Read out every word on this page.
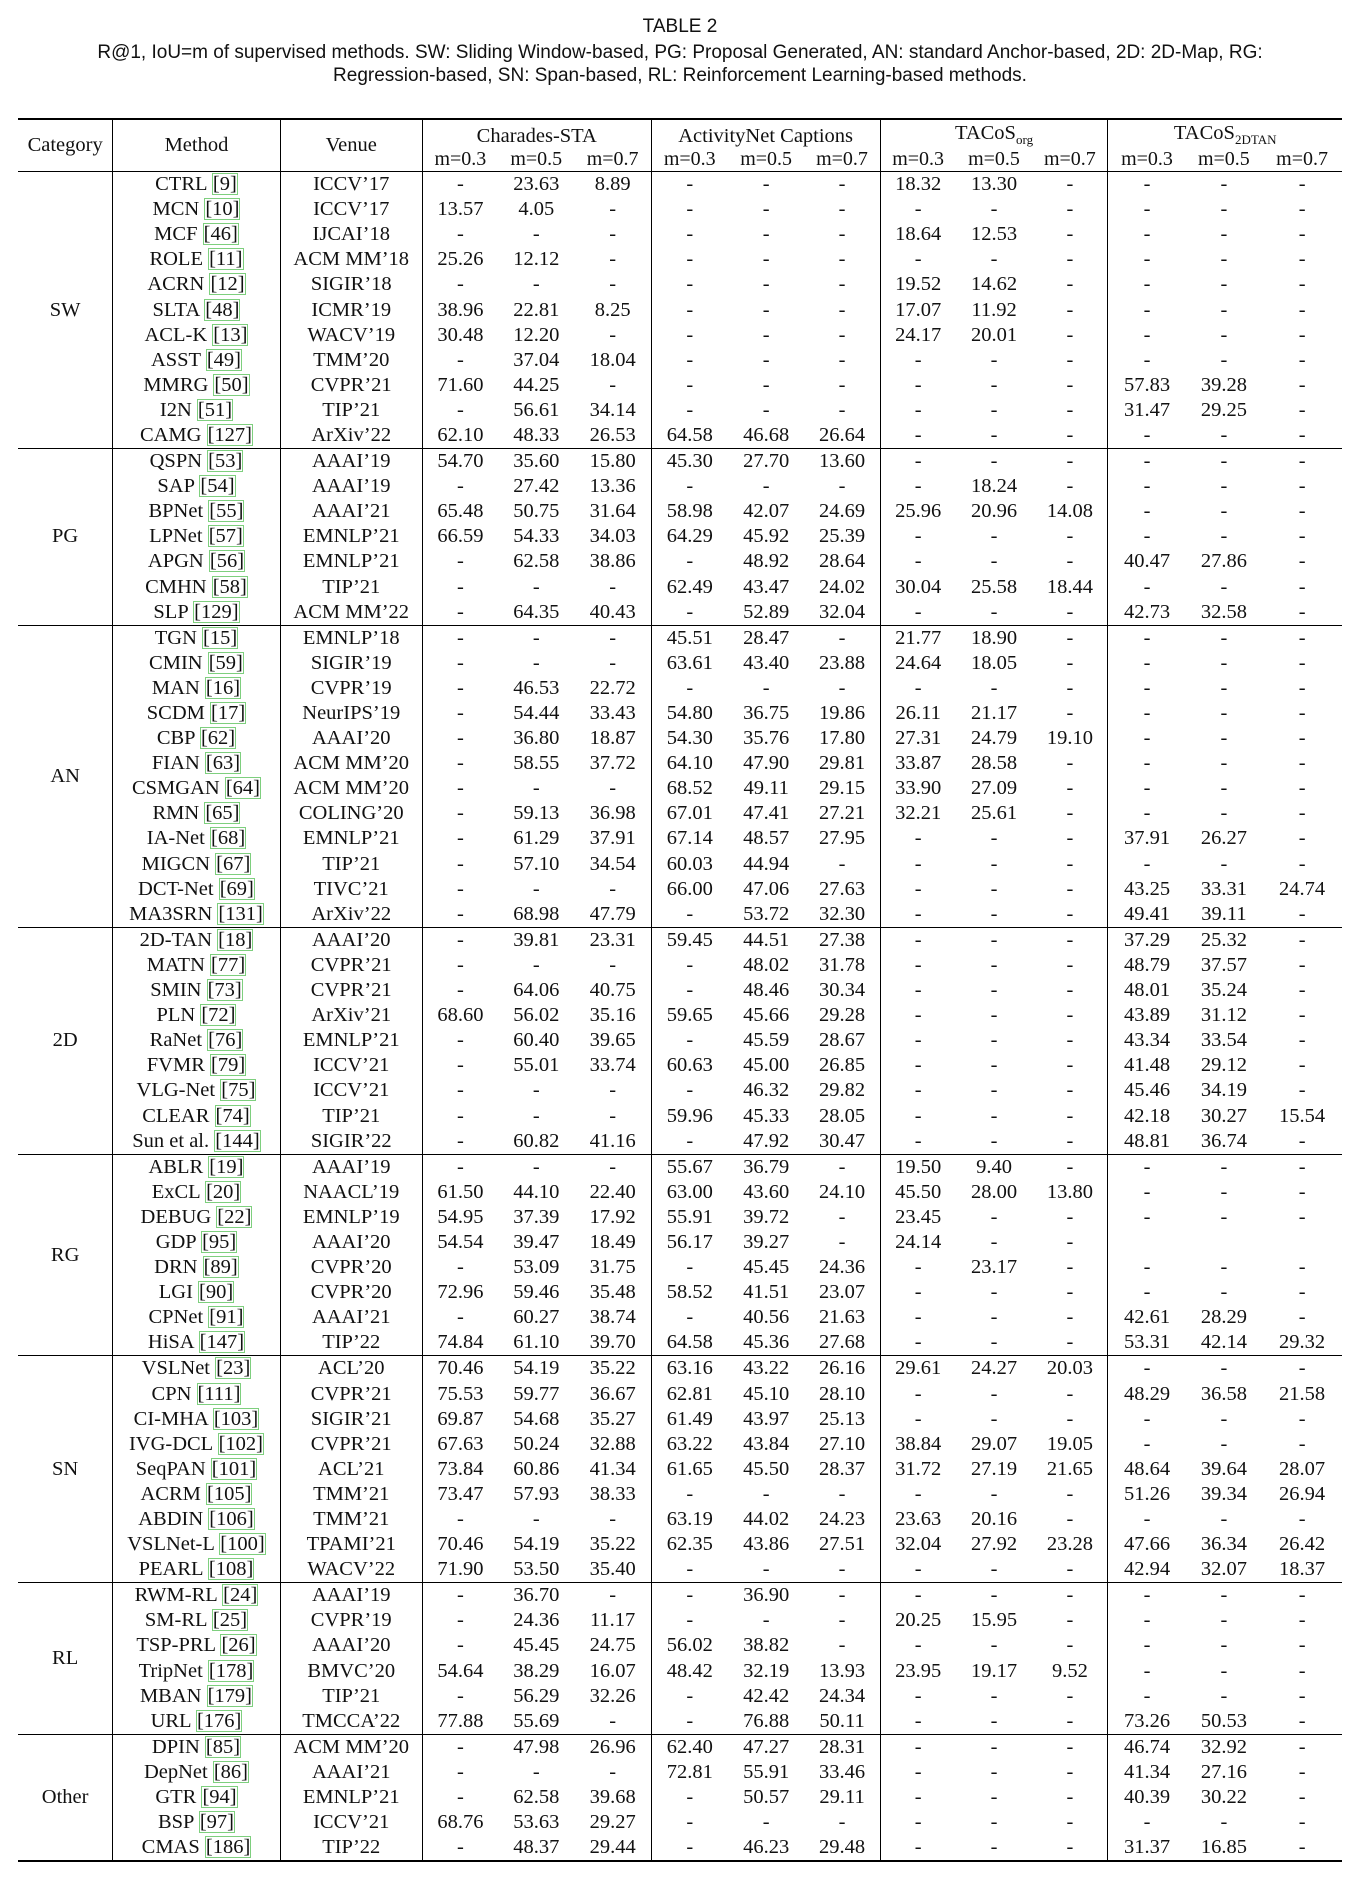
TABLE 2
R@1, IoU=m of supervised methods. SW: Sliding Window-based, PG: Proposal Generated, AN: standard Anchor-based, 2D: 2D-Map, RG:
Regression-based, SN: Span-based, RL: Reinforcement Learning-based methods.
Category	Method	Venue	Charades-STA			ActivityNet Captions			TACoS$_{org}$			TACoS$_{2DTAN}$
			m=0.3	m=0.5	m=0.7	m=0.3	m=0.5	m=0.7	m=0.3	m=0.5	m=0.7	m=0.3	m=0.5	m=0.7
SW	CTRL [9]	ICCV’17	-	23.63	8.89	-	-	-	18.32	13.30	-	-	-	-
	MCN [10]	ICCV’17	13.57	4.05	-	-	-	-	-	-	-	-	-	-
	MCF [46]	IJCAI’18	-	-	-	-	-	-	18.64	12.53	-	-	-	-
	ROLE [11]	ACM MM’18	25.26	12.12	-	-	-	-	-	-	-	-	-	-
	ACRN [12]	SIGIR’18	-	-	-	-	-	-	19.52	14.62	-	-	-	-
	SLTA [48]	ICMR’19	38.96	22.81	8.25	-	-	-	17.07	11.92	-	-	-	-
	ACL-K [13]	WACV’19	30.48	12.20	-	-	-	-	24.17	20.01	-	-	-	-
	ASST [49]	TMM’20	-	37.04	18.04	-	-	-	-	-	-	-	-	-
	MMRG [50]	CVPR’21	71.60	44.25	-	-	-	-	-	-	-	57.83	39.28	-
	I2N [51]	TIP’21	-	56.61	34.14	-	-	-	-	-	-	31.47	29.25	-
	CAMG [127]	ArXiv’22	62.10	48.33	26.53	64.58	46.68	26.64	-	-	-	-	-	-
PG	QSPN [53]	AAAI’19	54.70	35.60	15.80	45.30	27.70	13.60	-	-	-	-	-	-
	SAP [54]	AAAI’19	-	27.42	13.36	-	-	-	-	18.24	-	-	-	-
	BPNet [55]	AAAI’21	65.48	50.75	31.64	58.98	42.07	24.69	25.96	20.96	14.08	-	-	-
	LPNet [57]	EMNLP’21	66.59	54.33	34.03	64.29	45.92	25.39	-	-	-	-	-	-
	APGN [56]	EMNLP’21	-	62.58	38.86	-	48.92	28.64	-	-	-	40.47	27.86	-
	CMHN [58]	TIP’21	-	-	-	62.49	43.47	24.02	30.04	25.58	18.44	-	-	-
	SLP [129]	ACM MM’22	-	64.35	40.43	-	52.89	32.04	-	-	-	42.73	32.58	-
AN	TGN [15]	EMNLP’18	-	-	-	45.51	28.47	-	21.77	18.90	-	-	-	-
	CMIN [59]	SIGIR’19	-	-	-	63.61	43.40	23.88	24.64	18.05	-	-	-	-
	MAN [16]	CVPR’19	-	46.53	22.72	-	-	-	-	-	-	-	-	-
	SCDM [17]	NeurIPS’19	-	54.44	33.43	54.80	36.75	19.86	26.11	21.17	-	-	-	-
	CBP [62]	AAAI’20	-	36.80	18.87	54.30	35.76	17.80	27.31	24.79	19.10	-	-	-
	FIAN [63]	ACM MM’20	-	58.55	37.72	64.10	47.90	29.81	33.87	28.58	-	-	-	-
	CSMGAN [64]	ACM MM’20	-	-	-	68.52	49.11	29.15	33.90	27.09	-	-	-	-
	RMN [65]	COLING’20	-	59.13	36.98	67.01	47.41	27.21	32.21	25.61	-	-	-	-
	IA-Net [68]	EMNLP’21	-	61.29	37.91	67.14	48.57	27.95	-	-	-	37.91	26.27	-
	MIGCN [67]	TIP’21	-	57.10	34.54	60.03	44.94	-	-	-	-	-	-	-
	DCT-Net [69]	TIVC’21	-	-	-	66.00	47.06	27.63	-	-	-	43.25	33.31	24.74
	MA3SRN [131]	ArXiv’22	-	68.98	47.79	-	53.72	32.30	-	-	-	49.41	39.11	-
2D	2D-TAN [18]	AAAI’20	-	39.81	23.31	59.45	44.51	27.38	-	-	-	37.29	25.32	-
	MATN [77]	CVPR’21	-	-	-	-	48.02	31.78	-	-	-	48.79	37.57	-
	SMIN [73]	CVPR’21	-	64.06	40.75	-	48.46	30.34	-	-	-	48.01	35.24	-
	PLN [72]	ArXiv’21	68.60	56.02	35.16	59.65	45.66	29.28	-	-	-	43.89	31.12	-
	RaNet [76]	EMNLP’21	-	60.40	39.65	-	45.59	28.67	-	-	-	43.34	33.54	-
	FVMR [79]	ICCV’21	-	55.01	33.74	60.63	45.00	26.85	-	-	-	41.48	29.12	-
	VLG-Net [75]	ICCV’21	-	-	-	-	46.32	29.82	-	-	-	45.46	34.19	-
	CLEAR [74]	TIP’21	-	-	-	59.96	45.33	28.05	-	-	-	42.18	30.27	15.54
	Sun et al. [144]	SIGIR’22	-	60.82	41.16	-	47.92	30.47	-	-	-	48.81	36.74	-
RG	ABLR [19]	AAAI’19	-	-	-	55.67	36.79	-	19.50	9.40	-	-	-	-
	ExCL [20]	NAACL’19	61.50	44.10	22.40	63.00	43.60	24.10	45.50	28.00	13.80	-	-	-
	DEBUG [22]	EMNLP’19	54.95	37.39	17.92	55.91	39.72	-	23.45	-	-	-	-	-
	GDP [95]	AAAI’20	54.54	39.47	18.49	56.17	39.27	-	24.14	-	-			
	DRN [89]	CVPR’20	-	53.09	31.75	-	45.45	24.36	-	23.17	-	-	-	-
	LGI [90]	CVPR’20	72.96	59.46	35.48	58.52	41.51	23.07	-	-	-	-	-	-
	CPNet [91]	AAAI’21	-	60.27	38.74	-	40.56	21.63	-	-	-	42.61	28.29	-
	HiSA [147]	TIP’22	74.84	61.10	39.70	64.58	45.36	27.68	-	-	-	53.31	42.14	29.32
SN	VSLNet [23]	ACL’20	70.46	54.19	35.22	63.16	43.22	26.16	29.61	24.27	20.03	-	-	-
	CPN [111]	CVPR’21	75.53	59.77	36.67	62.81	45.10	28.10	-	-	-	48.29	36.58	21.58
	CI-MHA [103]	SIGIR’21	69.87	54.68	35.27	61.49	43.97	25.13	-	-	-	-	-	-
	IVG-DCL [102]	CVPR’21	67.63	50.24	32.88	63.22	43.84	27.10	38.84	29.07	19.05	-	-	-
	SeqPAN [101]	ACL’21	73.84	60.86	41.34	61.65	45.50	28.37	31.72	27.19	21.65	48.64	39.64	28.07
	ACRM [105]	TMM’21	73.47	57.93	38.33	-	-	-	-	-	-	51.26	39.34	26.94
	ABDIN [106]	TMM’21	-	-	-	63.19	44.02	24.23	23.63	20.16	-	-	-	-
	VSLNet-L [100]	TPAMI’21	70.46	54.19	35.22	62.35	43.86	27.51	32.04	27.92	23.28	47.66	36.34	26.42
	PEARL [108]	WACV’22	71.90	53.50	35.40	-	-	-	-	-	-	42.94	32.07	18.37
RL	RWM-RL [24]	AAAI’19	-	36.70	-	-	36.90	-	-	-	-	-	-	-
	SM-RL [25]	CVPR’19	-	24.36	11.17	-	-	-	20.25	15.95	-	-	-	-
	TSP-PRL [26]	AAAI’20	-	45.45	24.75	56.02	38.82	-	-	-	-	-	-	-
	TripNet [178]	BMVC’20	54.64	38.29	16.07	48.42	32.19	13.93	23.95	19.17	9.52	-	-	-
	MBAN [179]	TIP’21	-	56.29	32.26	-	42.42	24.34	-	-	-	-	-	-
	URL [176]	TMCCA’22	77.88	55.69	-	-	76.88	50.11	-	-	-	73.26	50.53	-
Other	DPIN [85]	ACM MM’20	-	47.98	26.96	62.40	47.27	28.31	-	-	-	46.74	32.92	-
	DepNet [86]	AAAI’21	-	-	-	72.81	55.91	33.46	-	-	-	41.34	27.16	-
	GTR [94]	EMNLP’21	-	62.58	39.68	-	50.57	29.11	-	-	-	40.39	30.22	-
	BSP [97]	ICCV’21	68.76	53.63	29.27	-	-	-	-	-	-	-	-	-
	CMAS [186]	TIP’22	-	48.37	29.44	-	46.23	29.48	-	-	-	31.37	16.85	-
